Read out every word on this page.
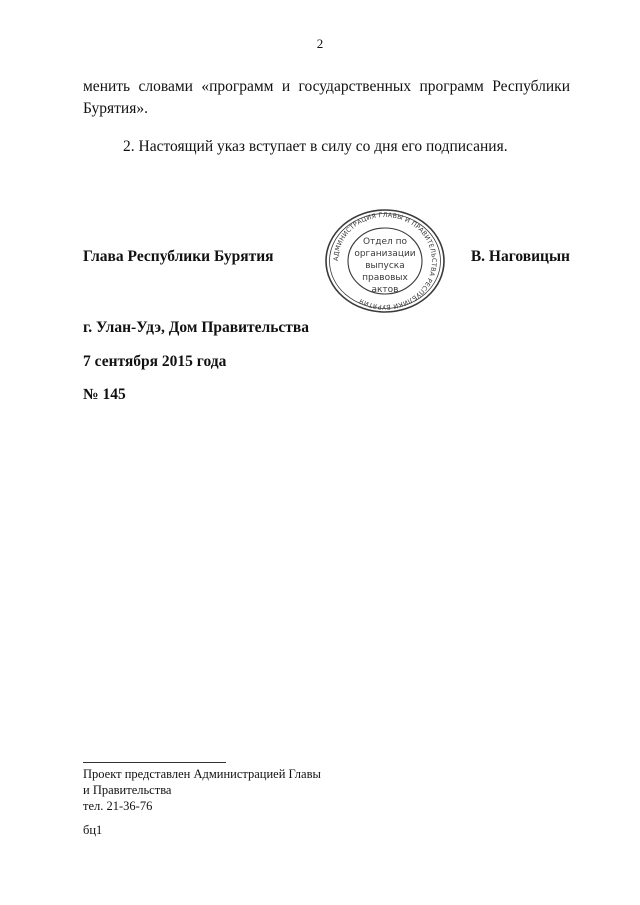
2
менить словами «программ и государственных программ Республики Бурятия».
2. Настоящий указ вступает в силу со дня его подписания.
Глава Республики Бурятия	АДМИНИСТРАЦИЯ ГЛАВЫ И ПРАВИТЕЛЬСТВА РЕСПУБЛИКИ БУРЯТИЯ
Отдел по
организации
выпуска
правовых
актов
В. Наговицын
г. Улан-Удэ, Дом Правительства
7 сентября 2015 года
№ 145
Проект представлен Администрацией Главы
и Правительства
тел. 21-36-76
бц1
